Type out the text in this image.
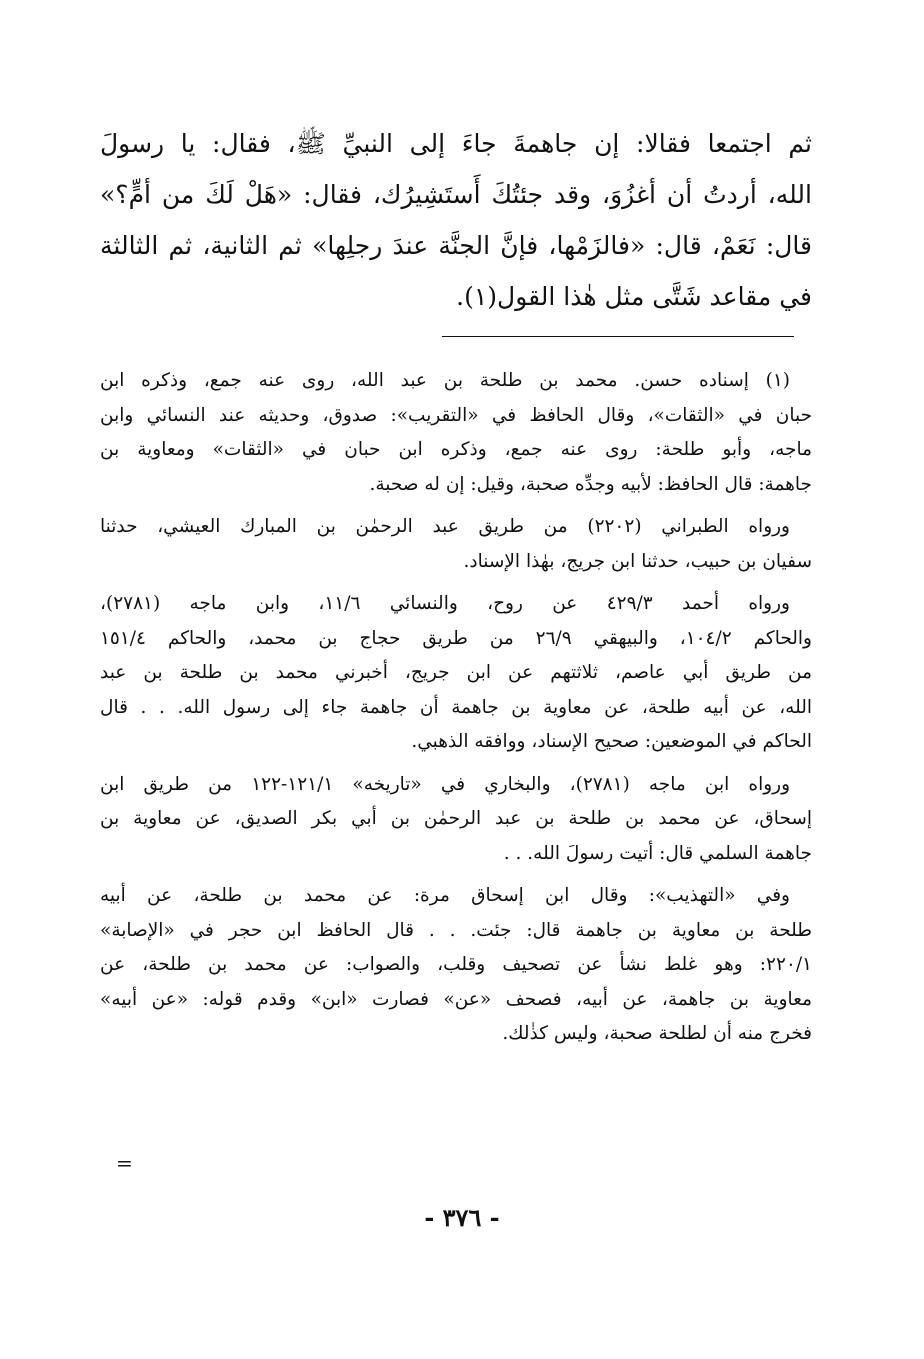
ثم اجتمعا فقالا: إن جاهمةَ جاءَ إلى النبيِّ ﷺ، فقال: يا رسولَ
الله، أردتُ أن أغزُوَ، وقد جئتُكَ أَستَشِيرُك، فقال: «هَلْ لَكَ من أمٍّ؟»
قال: نَعَمْ، قال: «فالزَمْها، فإنَّ الجنَّة عندَ رجلِها» ثم الثانية، ثم الثالثة
في مقاعد شَتَّى مثل هٰذا القول(١).

(١) إسناده حسن. محمد بن طلحة بن عبد الله، روى عنه جمع، وذكره ابن
حبان في «الثقات»، وقال الحافظ في «التقريب»: صدوق، وحديثه عند النسائي وابن
ماجه، وأبو طلحة: روى عنه جمع، وذكره ابن حبان في «الثقات» ومعاوية بن
جاهمة: قال الحافظ: لأبيه وجدِّه صحبة، وقيل: إن له صحبة.

ورواه الطبراني (٢٢٠٢) من طريق عبد الرحمٰن بن المبارك العيشي، حدثنا
سفيان بن حبيب، حدثنا ابن جريج، بهٰذا الإسناد.

ورواه أحمد ٤٢٩/٣ عن روح، والنسائي ١١/٦، وابن ماجه (٢٧٨١)،
والحاكم ١٠٤/٢، والبيهقي ٢٦/٩ من طريق حجاج بن محمد، والحاكم ١٥١/٤
من طريق أبي عاصم، ثلاثتهم عن ابن جريج، أخبرني محمد بن طلحة بن عبد
الله، عن أبيه طلحة، عن معاوية بن جاهمة أن جاهمة جاء إلى رسول الله. . . قال
الحاكم في الموضعين: صحيح الإسناد، ووافقه الذهبي.

ورواه ابن ماجه (٢٧٨١)، والبخاري في «تاريخه» ١٢١/١-١٢٢ من طريق ابن
إسحاق، عن محمد بن طلحة بن عبد الرحمٰن بن أبي بكر الصديق، عن معاوية بن
جاهمة السلمي قال: أتيت رسولَ الله. . .

وفي «التهذيب»: وقال ابن إسحاق مرة: عن محمد بن طلحة، عن أبيه
طلحة بن معاوية بن جاهمة قال: جئت. . . قال الحافظ ابن حجر في «الإصابة»
٢٢٠/١: وهو غلط نشأ عن تصحيف وقلب، والصواب: عن محمد بن طلحة، عن
معاوية بن جاهمة، عن أبيه، فصحف «عن» فصارت «ابن» وقدم قوله: «عن أبيه»
فخرج منه أن لطلحة صحبة، وليس كذٰلك.

=
- ٣٧٦ -
